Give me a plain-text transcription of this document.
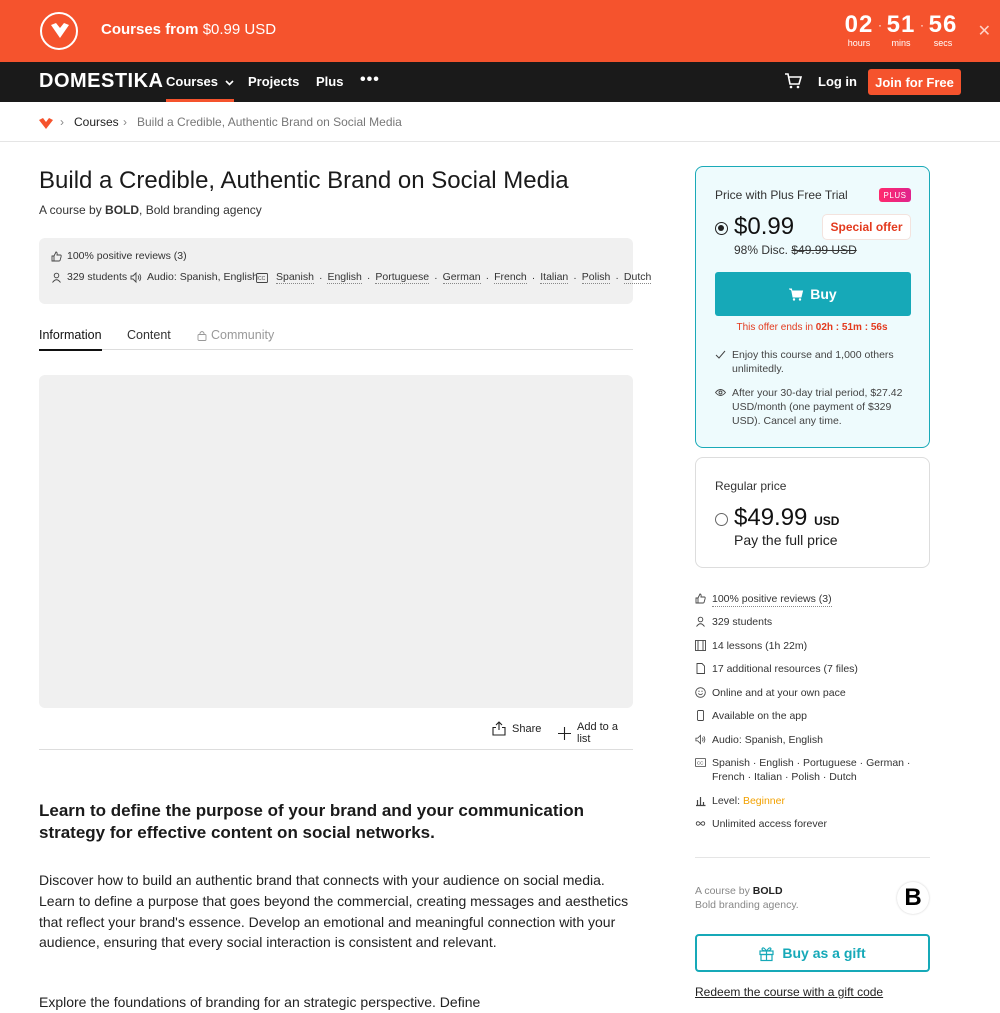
Courses from $0.99 USD	02
hours
· 51
mins
· 56
secs
✕
DOMESTIKA Courses	Projects Plus •••	Log in	Join for Free
› Courses › Build a Credible, Authentic Brand on Social Media
Build a Credible, Authentic Brand on Social Media
A course by BOLD, Bold branding agency
100% positive reviews (3)
329 students Audio: Spanish, English CC Spanish · English · Portuguese · German · French · Italian · Polish · Dutch
Information Content	Community
Share	Add to a list
Learn to define the purpose of your brand and your communication strategy for effective content on social networks.

Discover how to build an authentic brand that connects with your audience on social media. Learn to define a purpose that goes beyond the commercial, creating messages and aesthetics that reflect your brand's essence. Develop an emotional and meaningful connection with your audience, ensuring that every social interaction is consistent and relevant.

Explore the foundations of branding for an strategic perspective. Define

Price with Plus Free Trial	PLUS
$0.99	Special offer
98% Disc. $49.99 USD
Buy
This offer ends in 02h : 51m : 56s
Enjoy this course and 1,000 others unlimitedly.
After your 30-day trial period, $27.42 USD/month (one payment of $329 USD). Cancel any time.
Regular price
$49.99 USD
Pay the full price
100% positive reviews (3)
329 students
14 lessons (1h 22m)
17 additional resources (7 files)
Online and at your own pace
Available on the app
Audio: Spanish, English
CC Spanish · English · Portuguese · German · French · Italian · Polish · Dutch
Level: Beginner
Unlimited access forever
A course by BOLD
Bold branding agency.	B
Buy as a gift
Redeem the course with a gift code
